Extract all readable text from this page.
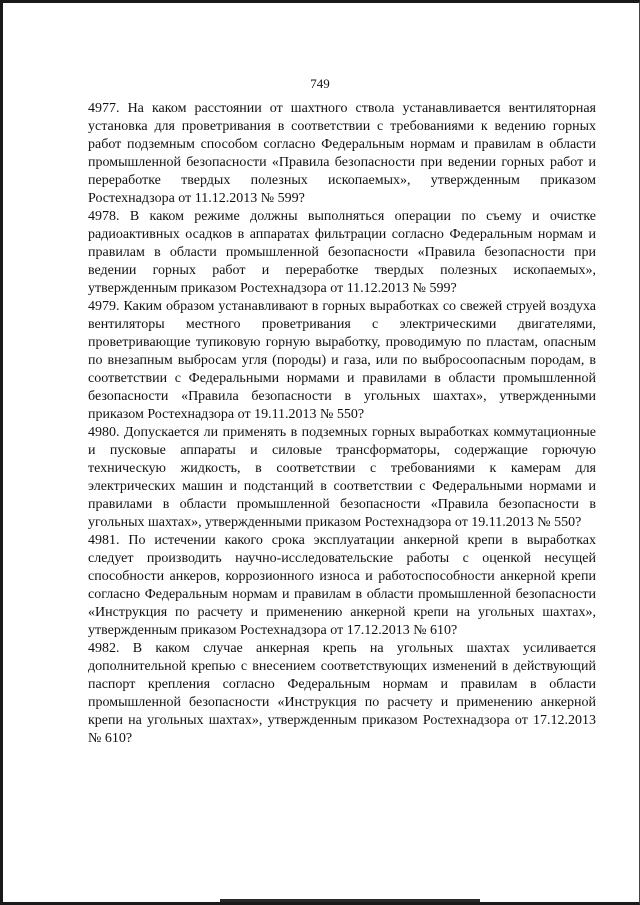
749

4977. На каком расстоянии от шахтного ствола устанавливается вентиляторная установка для проветривания в соответствии с требованиями к ведению горных работ подземным способом согласно Федеральным нормам и правилам в области промышленной безопасности «Правила безопасности при ведении горных работ и переработке твердых полезных ископаемых», утвержденным приказом Ростехнадзора от 11.12.2013 № 599?

4978. В каком режиме должны выполняться операции по съему и очистке радиоактивных осадков в аппаратах фильтрации согласно Федеральным нормам и правилам в области промышленной безопасности «Правила безопасности при ведении горных работ и переработке твердых полезных ископаемых», утвержденным приказом Ростехнадзора от 11.12.2013 № 599?

4979. Каким образом устанавливают в горных выработках со свежей струей воздуха вентиляторы местного проветривания с электрическими двигателями, проветривающие тупиковую горную выработку, проводимую по пластам, опасным по внезапным выбросам угля (породы) и газа, или по выбросоопасным породам, в соответствии с Федеральными нормами и правилами в области промышленной безопасности «Правила безопасности в угольных шахтах», утвержденными приказом Ростехнадзора от 19.11.2013 № 550?

4980. Допускается ли применять в подземных горных выработках коммутационные и пусковые аппараты и силовые трансформаторы, содержащие горючую техническую жидкость, в соответствии с требованиями к камерам для электрических машин и подстанций в соответствии с Федеральными нормами и правилами в области промышленной безопасности «Правила безопасности в угольных шахтах», утвержденными приказом Ростехнадзора от 19.11.2013 № 550?

4981. По истечении какого срока эксплуатации анкерной крепи в выработках следует производить научно-исследовательские работы с оценкой несущей способности анкеров, коррозионного износа и работоспособности анкерной крепи согласно Федеральным нормам и правилам в области промышленной безопасности «Инструкция по расчету и применению анкерной крепи на угольных шахтах», утвержденным приказом Ростехнадзора от 17.12.2013 № 610?

4982. В каком случае анкерная крепь на угольных шахтах усиливается дополнительной крепью с внесением соответствующих изменений в действующий паспорт крепления согласно Федеральным нормам и правилам в области промышленной безопасности «Инструкция по расчету и применению анкерной крепи на угольных шахтах», утвержденным приказом Ростехнадзора от 17.12.2013 № 610?
